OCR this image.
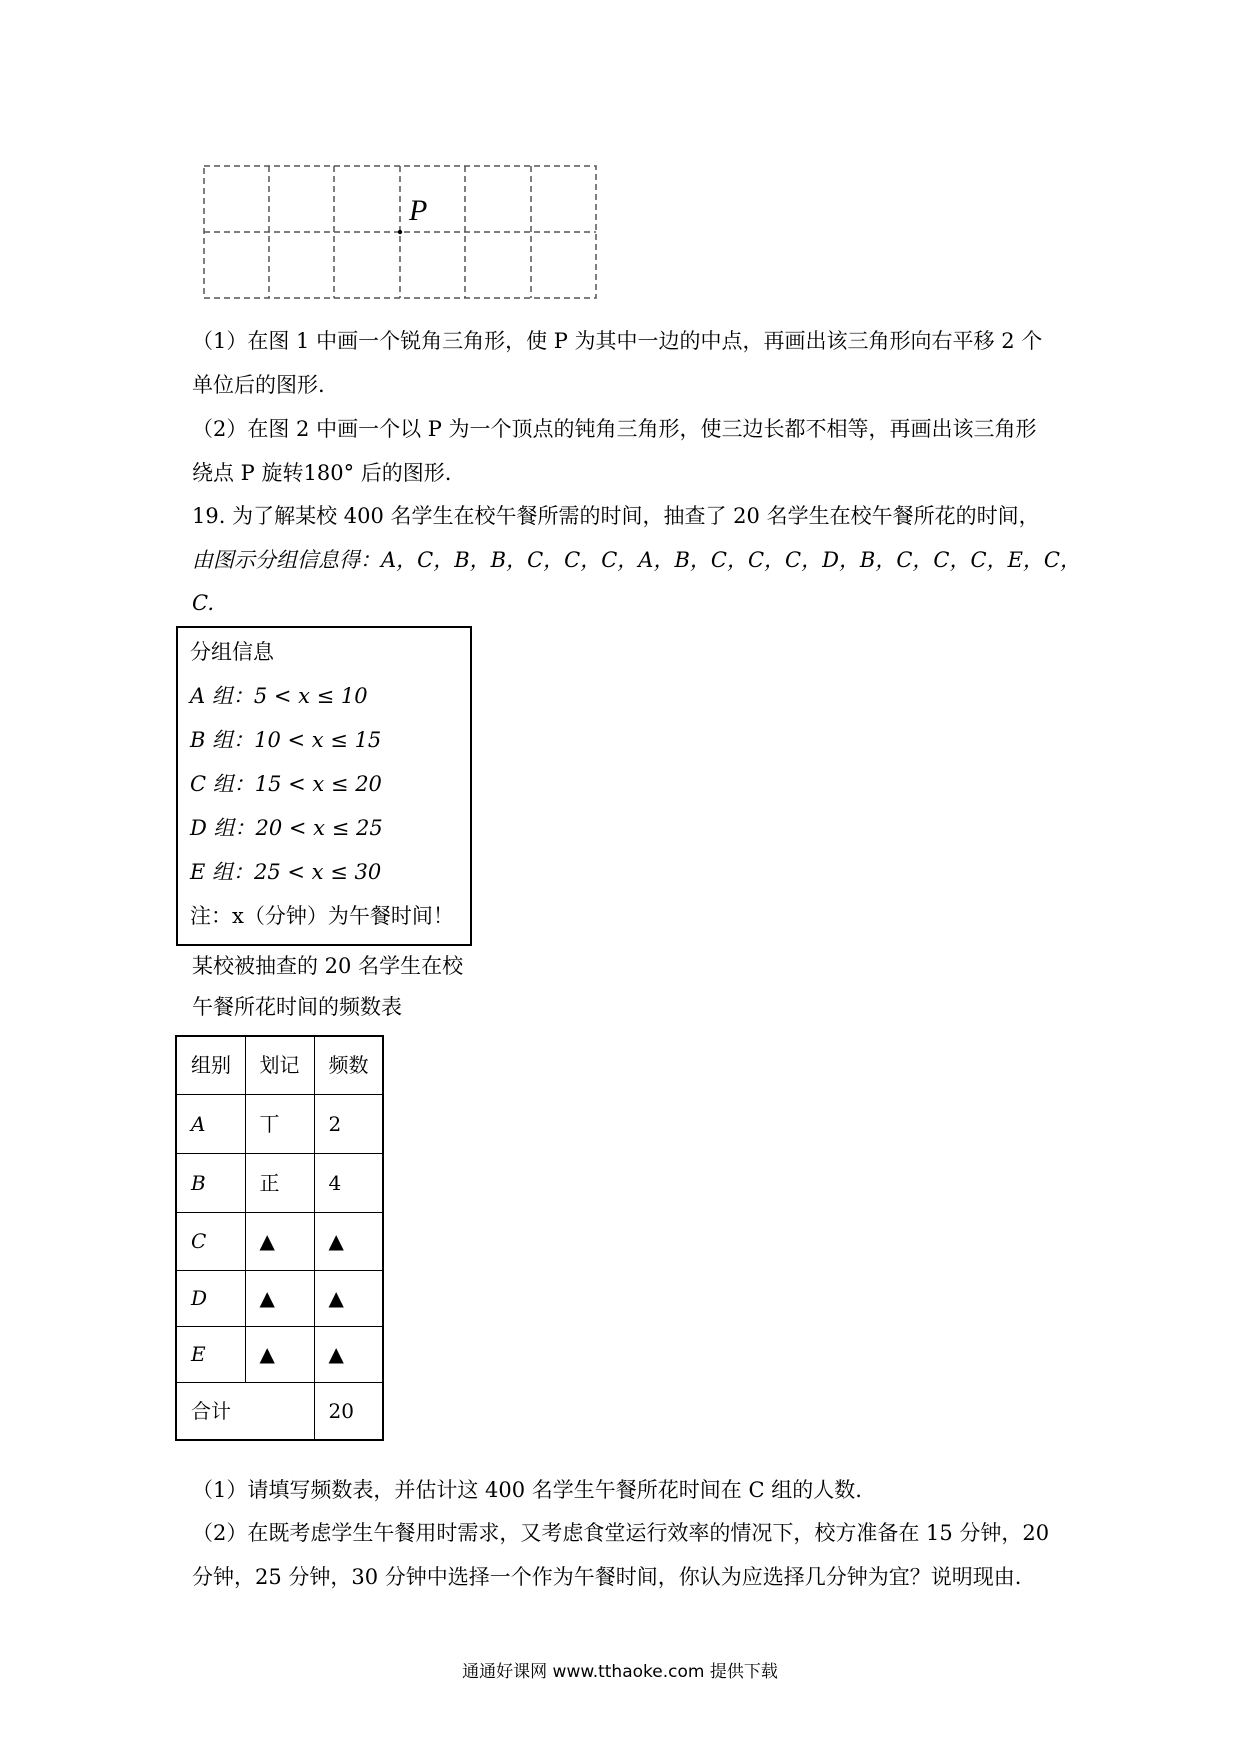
P
（1）在图 1 中画一个锐角三角形，使 P 为其中一边的中点，再画出该三角形向右平移 2 个
单位后的图形.
（2）在图 2 中画一个以 P 为一个顶点的钝角三角形，使三边长都不相等，再画出该三角形
绕点 P 旋转180° 后的图形.
19. 为了解某校 400 名学生在校午餐所需的时间，抽查了 20 名学生在校午餐所花的时间，
由图示分组信息得：A，C，B，B，C，C，C，A，B，C，C，C，D，B，C，C，C，E，C，
C.
分组信息
A 组：5 < x ≤ 10
B 组：10 < x ≤ 15
C 组：15 < x ≤ 20
D 组：20 < x ≤ 25
E 组：25 < x ≤ 30
注：x（分钟）为午餐时间！
某校被抽查的 20 名学生在校
午餐所花时间的频数表
组别	划记	频数
A	丅	2
B	正	4
C	▲	▲
D	▲	▲
E	▲	▲
合计		20
（1）请填写频数表，并估计这 400 名学生午餐所花时间在 C 组的人数.
（2）在既考虑学生午餐用时需求，又考虑食堂运行效率的情况下，校方准备在 15 分钟，20
分钟，25 分钟，30 分钟中选择一个作为午餐时间，你认为应选择几分钟为宜？说明现由.
通通好课网 www.tthaoke.com 提供下载
